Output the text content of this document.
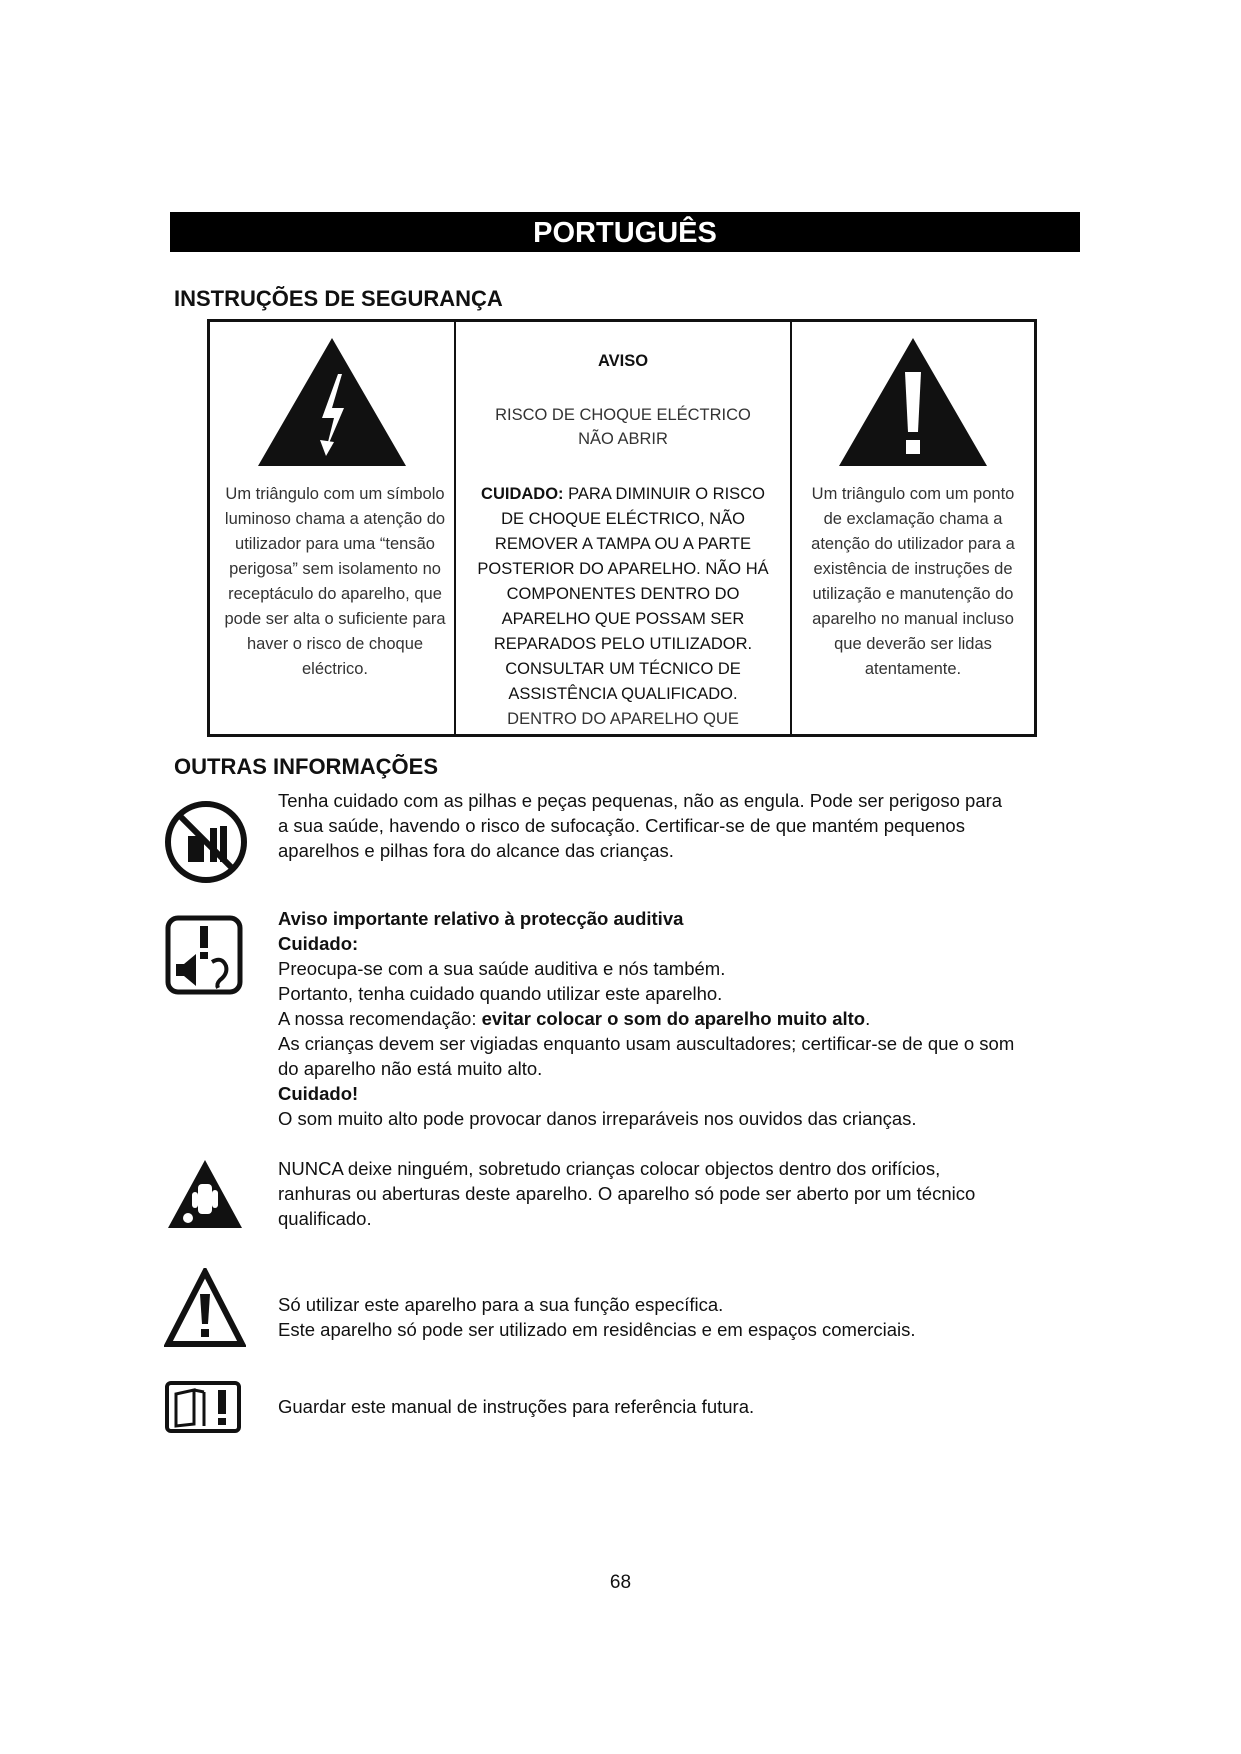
PORTUGUÊS
INSTRUÇÕES DE SEGURANÇA
Um triângulo com um símbolo
luminoso chama a atenção do
utilizador para uma “tensão
perigosa” sem isolamento no
receptáculo do aparelho, que
pode ser alta o suficiente para
haver o risco de choque
eléctrico.
AVISO
RISCO DE CHOQUE ELÉCTRICO
NÃO ABRIR
CUIDADO: PARA DIMINUIR O RISCO
DE CHOQUE ELÉCTRICO, NÃO
REMOVER A TAMPA OU A PARTE
POSTERIOR DO APARELHO. NÃO HÁ
COMPONENTES DENTRO DO
APARELHO QUE POSSAM SER
REPARADOS PELO UTILIZADOR.
CONSULTAR UM TÉCNICO DE
ASSISTÊNCIA QUALIFICADO.
DENTRO DO APARELHO QUE
Um triângulo com um ponto
de exclamação chama a
atenção do utilizador para a
existência de instruções de
utilização e manutenção do
aparelho no manual incluso
que deverão ser lidas
atentamente.
OUTRAS INFORMAÇÕES
Tenha cuidado com as pilhas e peças pequenas, não as engula. Pode ser perigoso para
a sua saúde, havendo o risco de sufocação. Certificar-se de que mantém pequenos
aparelhos e pilhas fora do alcance das crianças.
Aviso importante relativo à protecção auditiva
Cuidado:
Preocupa-se com a sua saúde auditiva e nós também.
Portanto, tenha cuidado quando utilizar este aparelho.
A nossa recomendação: evitar colocar o som do aparelho muito alto.
As crianças devem ser vigiadas enquanto usam auscultadores; certificar-se de que o som
do aparelho não está muito alto.
Cuidado!
O som muito alto pode provocar danos irreparáveis nos ouvidos das crianças.
NUNCA deixe ninguém, sobretudo crianças colocar objectos dentro dos orifícios,
ranhuras ou aberturas deste aparelho. O aparelho só pode ser aberto por um técnico
qualificado.
Só utilizar este aparelho para a sua função específica.
Este aparelho só pode ser utilizado em residências e em espaços comerciais.
Guardar este manual de instruções para referência futura.
68
